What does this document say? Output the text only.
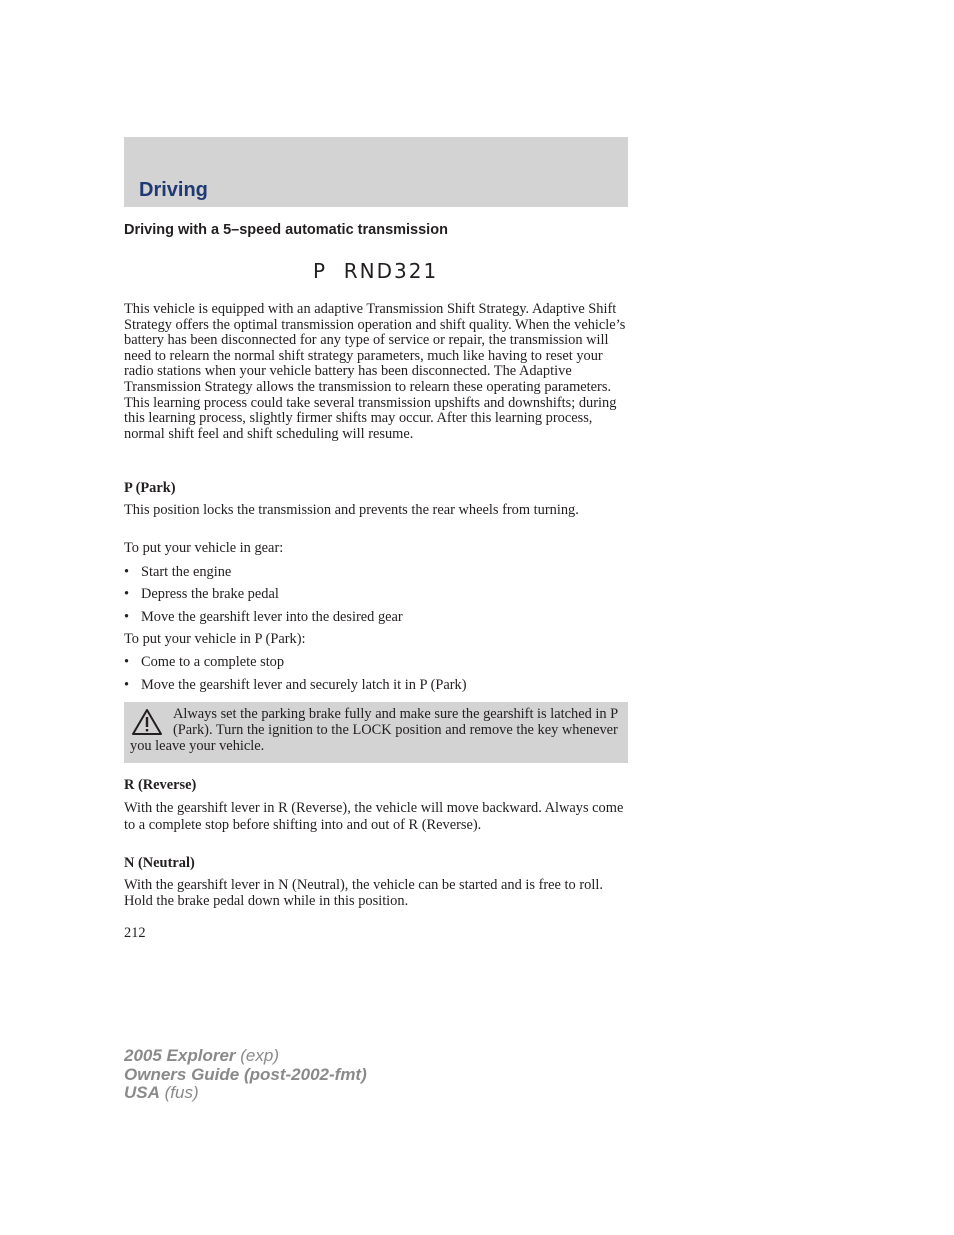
Driving
Driving with a 5–speed automatic transmission
P  RND321

This vehicle is equipped with an adaptive Transmission Shift Strategy. Adaptive Shift Strategy offers the optimal transmission operation and shift quality. When the vehicle’s battery has been disconnected for any type of service or repair, the transmission will need to relearn the normal shift strategy parameters, much like having to reset your radio stations when your vehicle battery has been disconnected. The Adaptive Transmission Strategy allows the transmission to relearn these operating parameters. This learning process could take several transmission upshifts and downshifts; during this learning process, slightly firmer shifts may occur. After this learning process, normal shift feel and shift scheduling will resume.

P (Park)

This position locks the transmission and prevents the rear wheels from turning.

To put your vehicle in gear:
• Start the engine
• Depress the brake pedal
• Move the gearshift lever into the desired gear
To put your vehicle in P (Park):
• Come to a complete stop
• Move the gearshift lever and securely latch it in P (Park)

Always set the parking brake fully and make sure the gearshift is latched in P (Park). Turn the ignition to the LOCK position and remove the key whenever you leave your vehicle.

R (Reverse)

With the gearshift lever in R (Reverse), the vehicle will move backward. Always come to a complete stop before shifting into and out of R (Reverse).

N (Neutral)

With the gearshift lever in N (Neutral), the vehicle can be started and is free to roll. Hold the brake pedal down while in this position.

212
2005 Explorer (exp)
Owners Guide (post-2002-fmt)
USA (fus)
